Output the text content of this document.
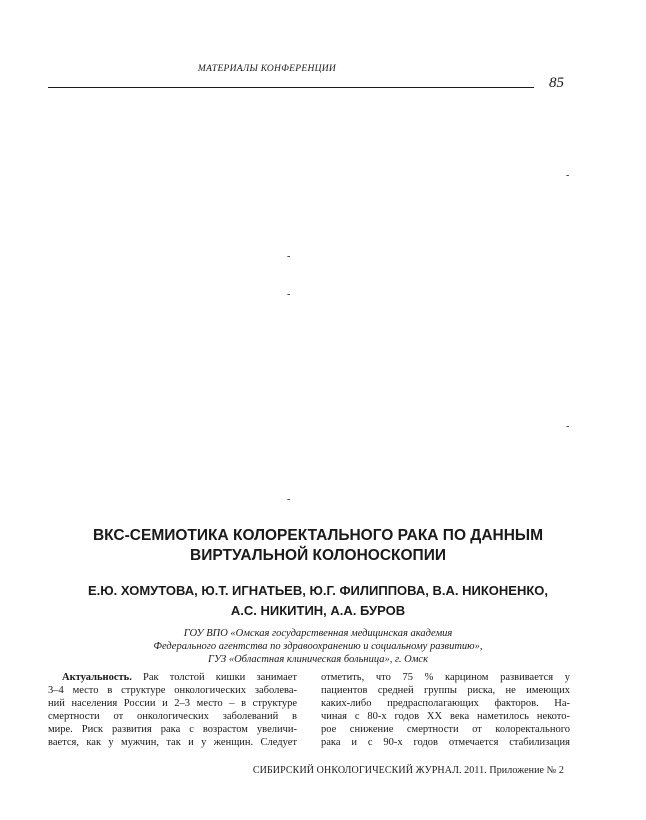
МАТЕРИАЛЫ КОНФЕРЕНЦИИ
85
-
-
-
-
-
ВКС-СЕМИОТИКА КОЛОРЕКТАЛЬНОГО РАКА ПО ДАННЫМ
ВИРТУАЛЬНОЙ КОЛОНОСКОПИИ

Е.Ю. ХОМУТОВА, Ю.Т. ИГНАТЬЕВ, Ю.Г. ФИЛИППОВА, В.А. НИКОНЕНКО,
А.С. НИКИТИН, А.А. БУРОВ

ГОУ ВПО «Омская государственная медицинская академия
Федерального агентства по здравоохранению и социальному развитию»,
ГУЗ «Областная клиническая больница», г. Омск
Актуальность. Рак толстой кишки занимает
3–4 место в структуре онкологических заболева-
ний населения России и 2–3 место – в структуре
смертности от онкологических заболеваний в
мире. Риск развития рака с возрастом увеличи-
вается, как у мужчин, так и у женщин. Следует
отметить, что 75 % карцином развивается у
пациентов средней группы риска, не имеющих
каких-либо предрасполагающих факторов. На-
чиная с 80-х годов XX века наметилось некото-
рое снижение смертности от колоректального
рака и с 90-х годов отмечается стабилизация
СИБИРСКИЙ ОНКОЛОГИЧЕСКИЙ ЖУРНАЛ. 2011. Приложение № 2
